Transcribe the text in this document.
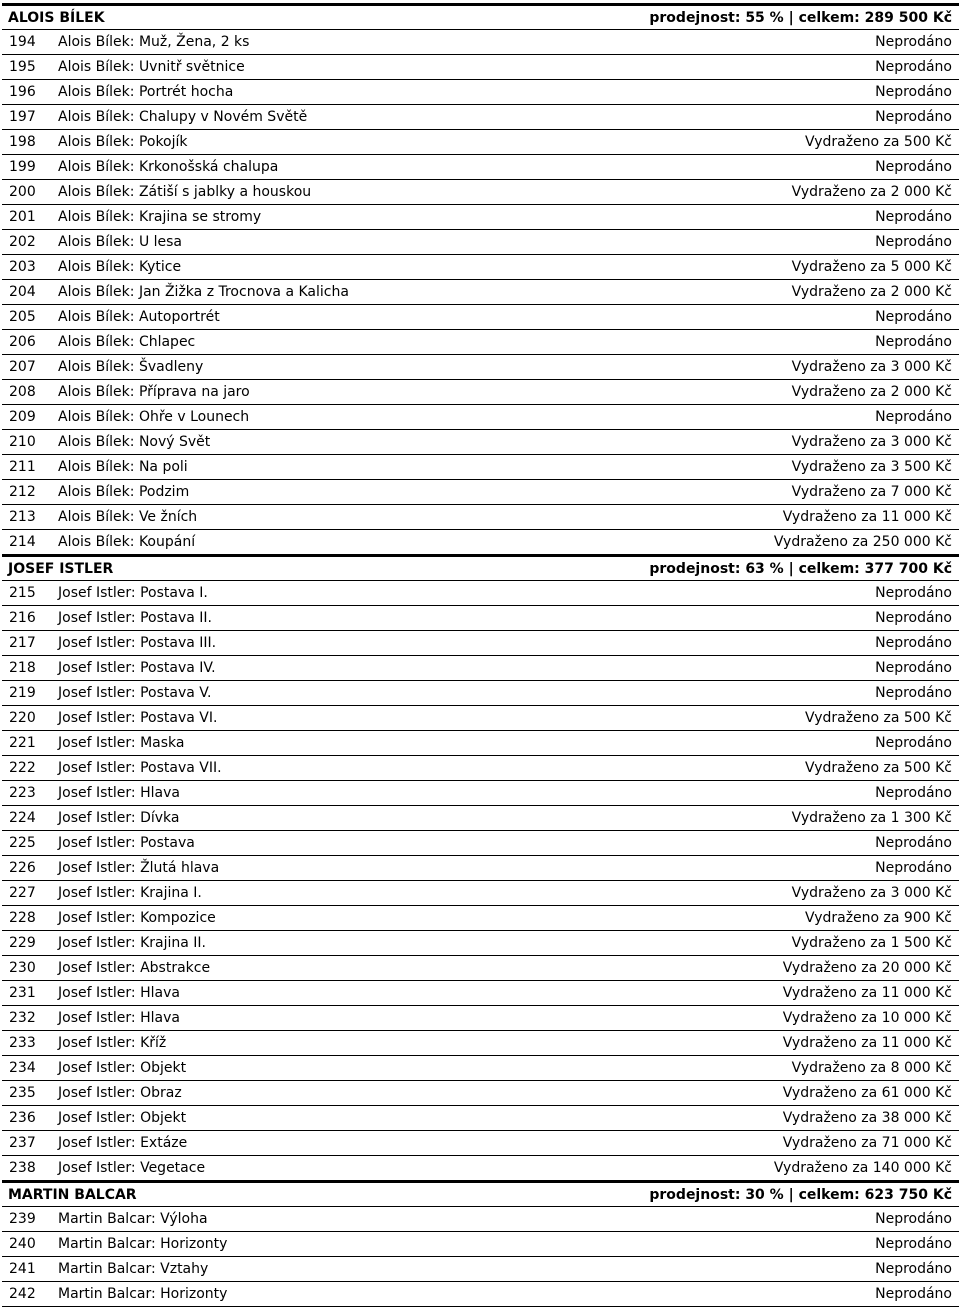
ALOIS BÍLEK	prodejnost: 55 % | celkem: 289 500 Kč
194 Alois Bílek: Muž, Žena, 2 ks	Neprodáno
195 Alois Bílek: Uvnitř světnice	Neprodáno
196 Alois Bílek: Portrét hocha	Neprodáno
197 Alois Bílek: Chalupy v Novém Světě	Neprodáno
198 Alois Bílek: Pokojík	Vydraženo za 500 Kč
199 Alois Bílek: Krkonošská chalupa	Neprodáno
200 Alois Bílek: Zátiší s jablky a houskou	Vydraženo za 2 000 Kč
201 Alois Bílek: Krajina se stromy	Neprodáno
202 Alois Bílek: U lesa	Neprodáno
203 Alois Bílek: Kytice	Vydraženo za 5 000 Kč
204 Alois Bílek: Jan Žižka z Trocnova a Kalicha	Vydraženo za 2 000 Kč
205 Alois Bílek: Autoportrét	Neprodáno
206 Alois Bílek: Chlapec	Neprodáno
207 Alois Bílek: Švadleny	Vydraženo za 3 000 Kč
208 Alois Bílek: Příprava na jaro	Vydraženo za 2 000 Kč
209 Alois Bílek: Ohře v Lounech	Neprodáno
210 Alois Bílek: Nový Svět	Vydraženo za 3 000 Kč
211 Alois Bílek: Na poli	Vydraženo za 3 500 Kč
212 Alois Bílek: Podzim	Vydraženo za 7 000 Kč
213 Alois Bílek: Ve žních	Vydraženo za 11 000 Kč
214 Alois Bílek: Koupání	Vydraženo za 250 000 Kč
JOSEF ISTLER	prodejnost: 63 % | celkem: 377 700 Kč
215 Josef Istler: Postava I.	Neprodáno
216 Josef Istler: Postava II.	Neprodáno
217 Josef Istler: Postava III.	Neprodáno
218 Josef Istler: Postava IV.	Neprodáno
219 Josef Istler: Postava V.	Neprodáno
220 Josef Istler: Postava VI.	Vydraženo za 500 Kč
221 Josef Istler: Maska	Neprodáno
222 Josef Istler: Postava VII.	Vydraženo za 500 Kč
223 Josef Istler: Hlava	Neprodáno
224 Josef Istler: Dívka	Vydraženo za 1 300 Kč
225 Josef Istler: Postava	Neprodáno
226 Josef Istler: Žlutá hlava	Neprodáno
227 Josef Istler: Krajina I.	Vydraženo za 3 000 Kč
228 Josef Istler: Kompozice	Vydraženo za 900 Kč
229 Josef Istler: Krajina II.	Vydraženo za 1 500 Kč
230 Josef Istler: Abstrakce	Vydraženo za 20 000 Kč
231 Josef Istler: Hlava	Vydraženo za 11 000 Kč
232 Josef Istler: Hlava	Vydraženo za 10 000 Kč
233 Josef Istler: Kříž	Vydraženo za 11 000 Kč
234 Josef Istler: Objekt	Vydraženo za 8 000 Kč
235 Josef Istler: Obraz	Vydraženo za 61 000 Kč
236 Josef Istler: Objekt	Vydraženo za 38 000 Kč
237 Josef Istler: Extáze	Vydraženo za 71 000 Kč
238 Josef Istler: Vegetace	Vydraženo za 140 000 Kč
MARTIN BALCAR	prodejnost: 30 % | celkem: 623 750 Kč
239 Martin Balcar: Výloha	Neprodáno
240 Martin Balcar: Horizonty	Neprodáno
241 Martin Balcar: Vztahy	Neprodáno
242 Martin Balcar: Horizonty	Neprodáno
